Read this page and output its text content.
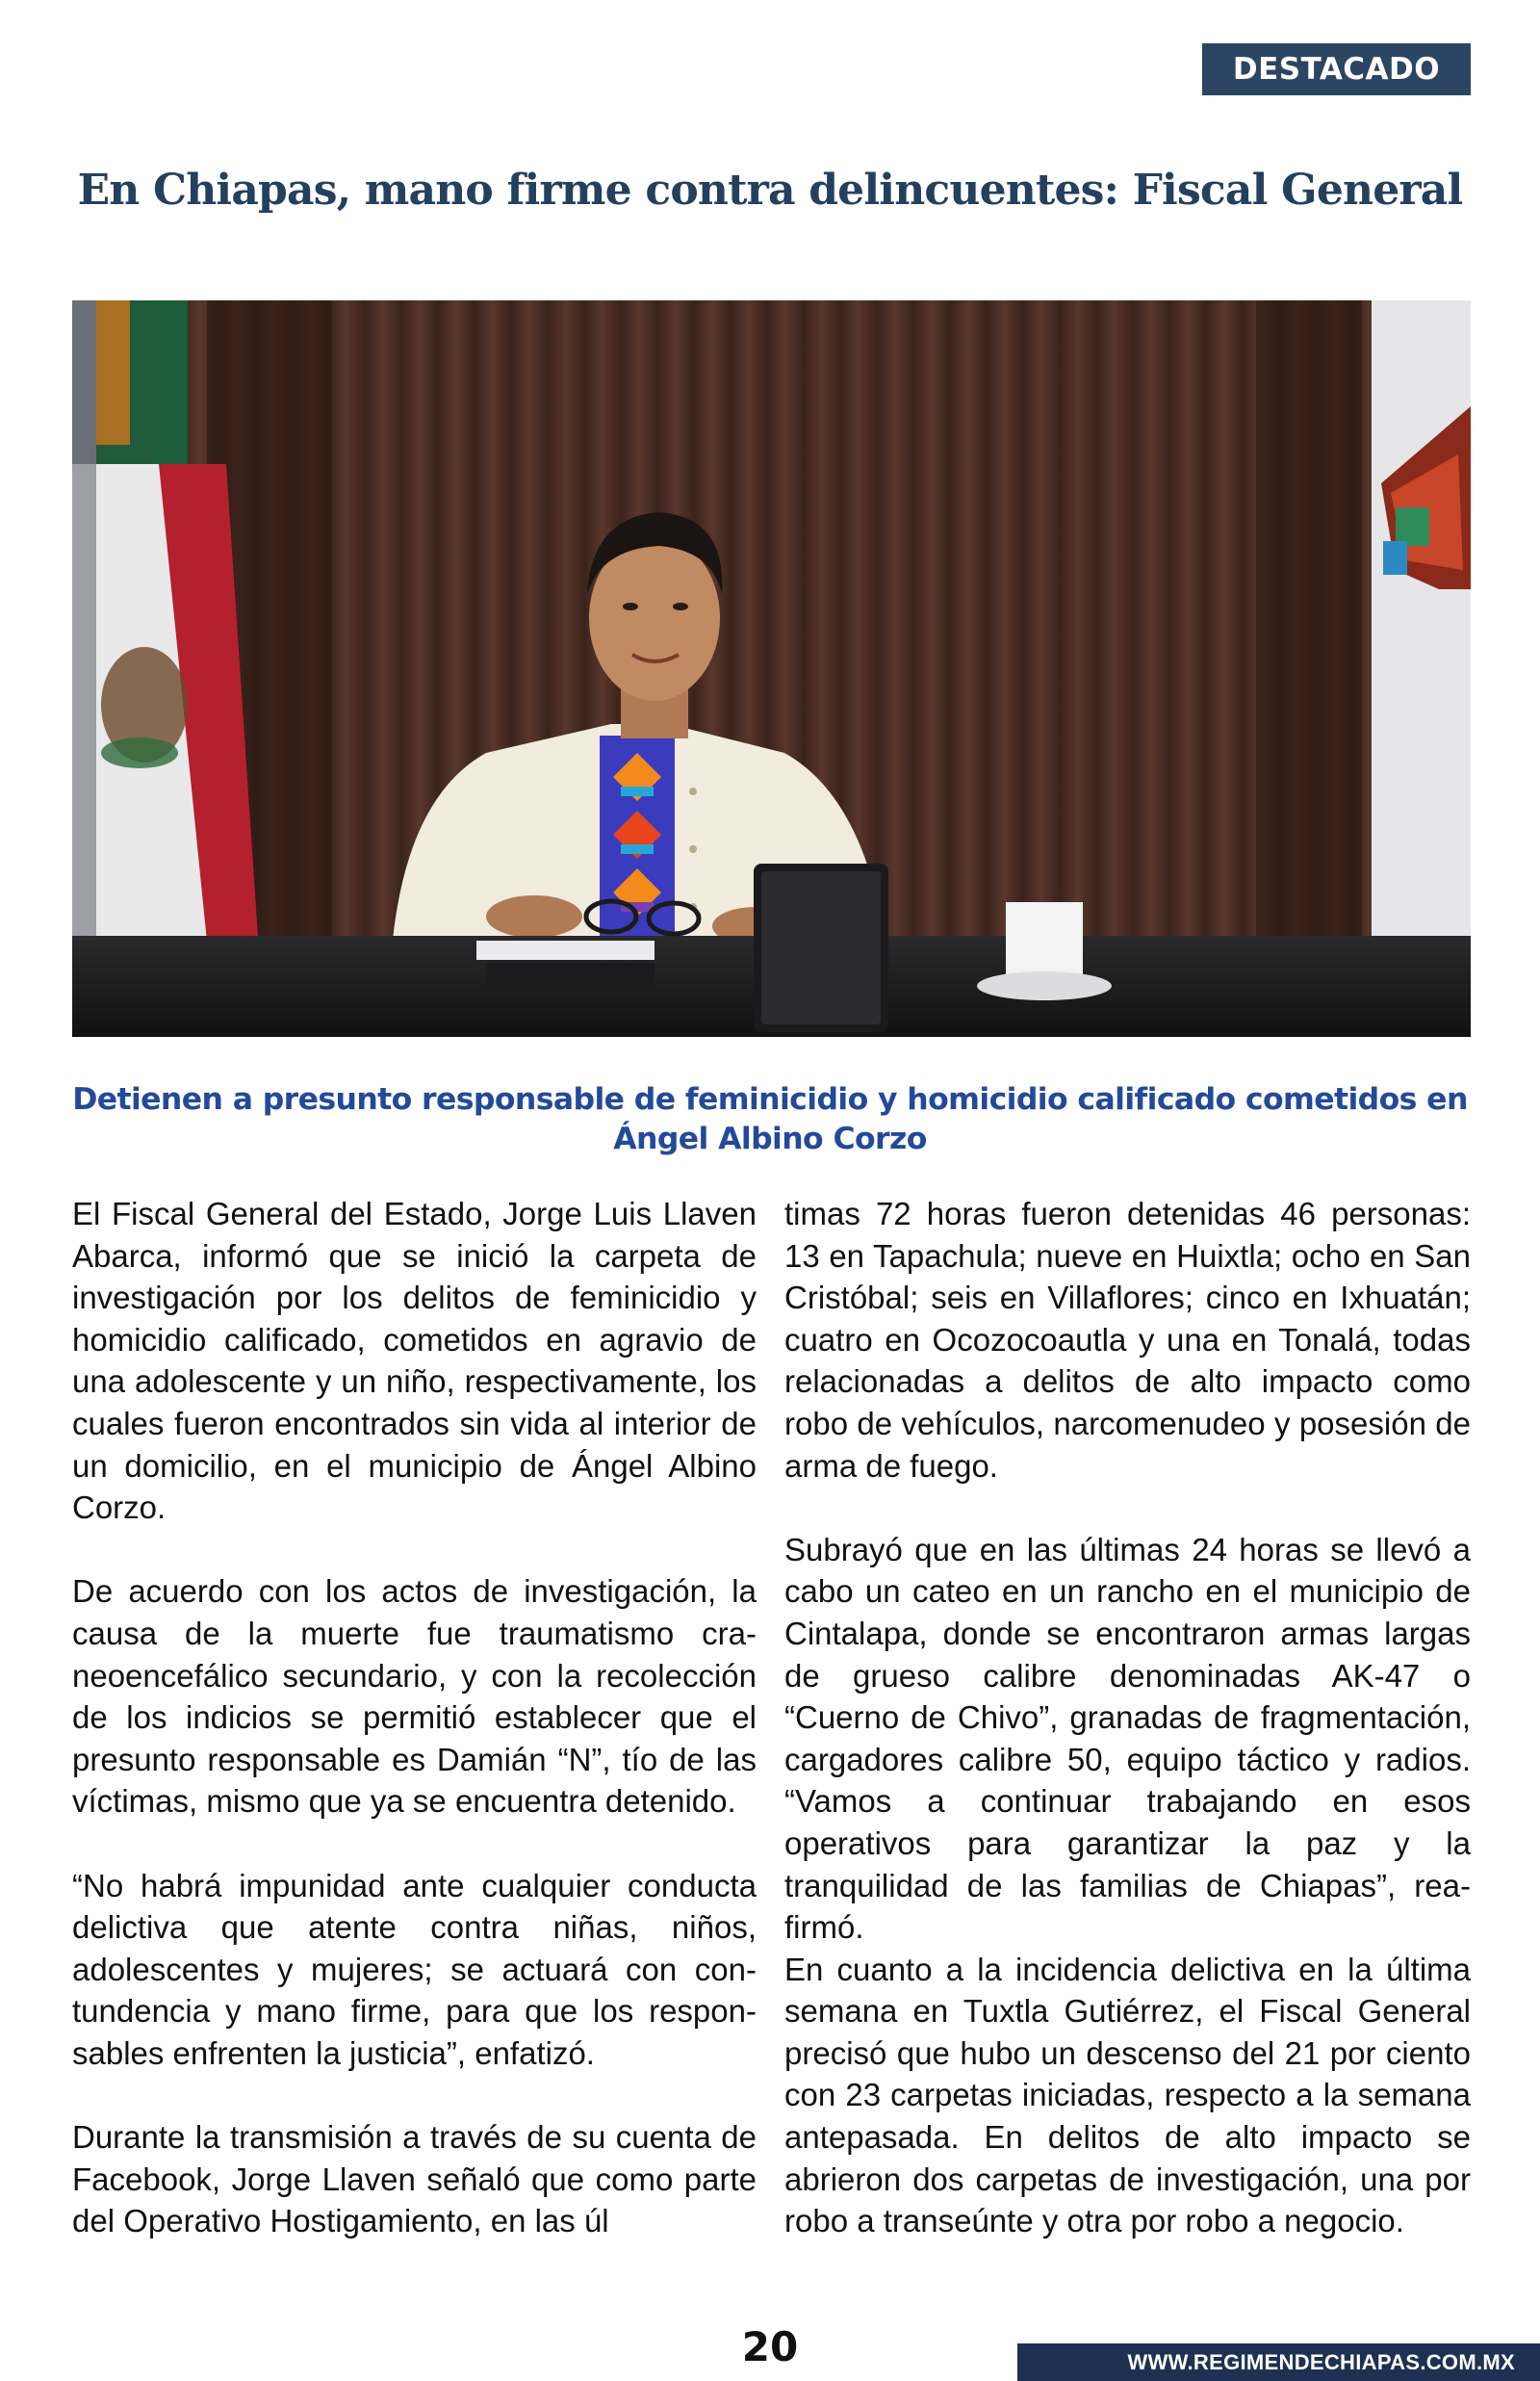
DESTACADO
En Chiapas, mano firme contra delincuentes: Fiscal General
Detienen a presunto responsable de feminicidio y homicidio calificado cometidos en Ángel Albino Corzo

El Fiscal General del Estado, Jorge Luis Llaven Abarca, informó que se inició la carpeta de investigación por los delitos de feminicidio y homicidio calificado, cometidos en agravio de una adolescente y un niño, respectivamente, los cuales fueron encontrados sin vida al interior de un domicilio, en el municipio de Ángel Albino Corzo.

De acuerdo con los actos de investigación, la causa de la muerte fue traumatismo craneoencefálico secundario, y con la recolección de los indicios se permitió establecer que el presunto responsable es Damián “N”, tío de las víctimas, mismo que ya se encuentra detenido.

“No habrá impunidad ante cualquier conducta delictiva que atente contra niñas, niños, adolescentes y mujeres; se actuará con contundencia y mano firme, para que los responsables enfrenten la justicia”, enfatizó.

Durante la transmisión a través de su cuenta de Facebook, Jorge Llaven señaló que como parte del Operativo Hostigamiento, en las úl

timas 72 horas fueron detenidas 46 personas: 13 en Tapachula; nueve en Huixtla; ocho en San Cristóbal; seis en Villaflores; cinco en Ixhuatán; cuatro en Ocozocoautla y una en Tonalá, todas relacionadas a delitos de alto impacto como robo de vehículos, narcomenudeo y posesión de arma de fuego.

Subrayó que en las últimas 24 horas se llevó a cabo un cateo en un rancho en el municipio de Cintalapa, donde se encontraron armas largas de grueso calibre denominadas AK-47 o “Cuerno de Chivo”, granadas de fragmentación, cargadores calibre 50, equipo táctico y radios. “Vamos a continuar trabajando en esos operativos para garantizar la paz y la tranquilidad de las familias de Chiapas”, reafirmó.

En cuanto a la incidencia delictiva en la última semana en Tuxtla Gutiérrez, el Fiscal General precisó que hubo un descenso del 21 por ciento con 23 carpetas iniciadas, respecto a la semana antepasada. En delitos de alto impacto se abrieron dos carpetas de investigación, una por robo a transeúnte y otra por robo a negocio.

20	WWW.REGIMENDECHIAPAS.COM.MX
